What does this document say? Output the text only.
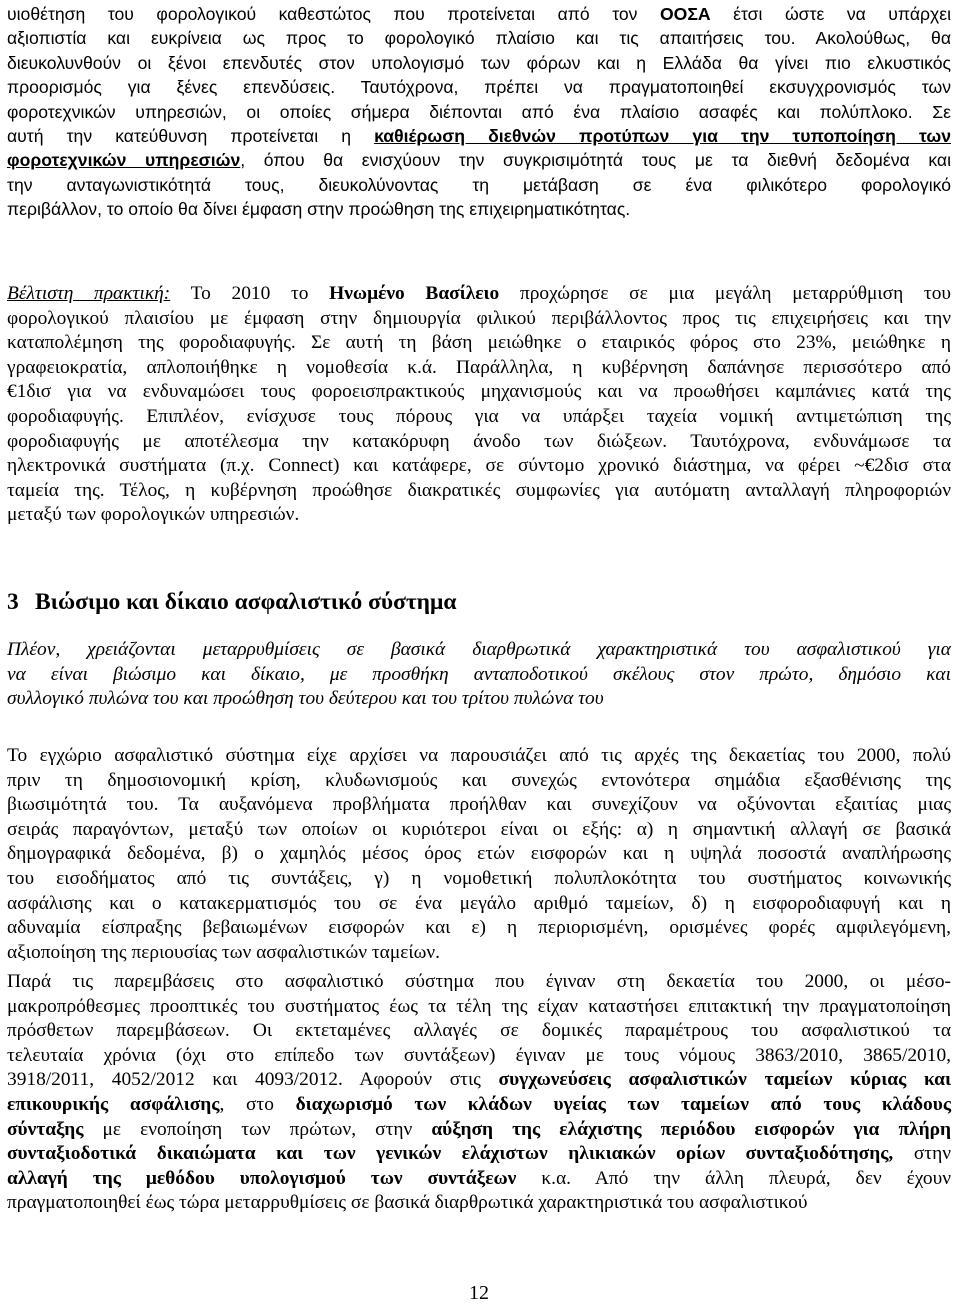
υιοθέτηση του φορολογικού καθεστώτος που προτείνεται από τον ΟΟΣΑ έτσι ώστε να υπάρχει
αξιοπιστία και ευκρίνεια ως προς το φορολογικό πλαίσιο και τις απαιτήσεις του. Ακολούθως, θα
διευκολυνθούν οι ξένοι επενδυτές στον υπολογισμό των φόρων και η Ελλάδα θα γίνει πιο ελκυστικός
προορισμός για ξένες επενδύσεις. Ταυτόχρονα, πρέπει να πραγματοποιηθεί εκσυγχρονισμός των
φοροτεχνικών υπηρεσιών, οι οποίες σήμερα διέπονται από ένα πλαίσιο ασαφές και πολύπλοκο. Σε
αυτή την κατεύθυνση προτείνεται η καθιέρωση διεθνών προτύπων για την τυποποίηση των
φοροτεχνικών υπηρεσιών, όπου θα ενισχύουν την συγκρισιμότητά τους με τα διεθνή δεδομένα και
την ανταγωνιστικότητά τους, διευκολύνοντας τη μετάβαση σε ένα φιλικότερο φορολογικό
περιβάλλον, το οποίο θα δίνει έμφαση στην προώθηση της επιχειρηματικότητας.
Βέλτιστη πρακτική: Το 2010 το Ηνωμένο Βασίλειο προχώρησε σε μια μεγάλη μεταρρύθμιση του
φορολογικού πλαισίου με έμφαση στην δημιουργία φιλικού περιβάλλοντος προς τις επιχειρήσεις και την
καταπολέμηση της φοροδιαφυγής. Σε αυτή τη βάση μειώθηκε ο εταιρικός φόρος στο 23%, μειώθηκε η
γραφειοκρατία, απλοποιήθηκε η νομοθεσία κ.ά. Παράλληλα, η κυβέρνηση δαπάνησε περισσότερο από
€1δισ για να ενδυναμώσει τους φοροεισπρακτικούς μηχανισμούς και να προωθήσει καμπάνιες κατά της
φοροδιαφυγής. Επιπλέον, ενίσχυσε τους πόρους για να υπάρξει ταχεία νομική αντιμετώπιση της
φοροδιαφυγής με αποτέλεσμα την κατακόρυφη άνοδο των διώξεων. Ταυτόχρονα, ενδυνάμωσε τα
ηλεκτρονικά συστήματα (π.χ. Connect) και κατάφερε, σε σύντομο χρονικό διάστημα, να φέρει ~€2δισ στα
ταμεία της. Τέλος, η κυβέρνηση προώθησε διακρατικές συμφωνίες για αυτόματη ανταλλαγή πληροφοριών
μεταξύ των φορολογικών υπηρεσιών.
3 Βιώσιμο και δίκαιο ασφαλιστικό σύστημα
Πλέον, χρειάζονται μεταρρυθμίσεις σε βασικά διαρθρωτικά χαρακτηριστικά του ασφαλιστικού για
να είναι βιώσιμο και δίκαιο, με προσθήκη ανταποδοτικού σκέλους στον πρώτο, δημόσιο και
συλλογικό πυλώνα του και προώθηση του δεύτερου και του τρίτου πυλώνα του
Το εγχώριο ασφαλιστικό σύστημα είχε αρχίσει να παρουσιάζει από τις αρχές της δεκαετίας του 2000, πολύ
πριν τη δημοσιονομική κρίση, κλυδωνισμούς και συνεχώς εντονότερα σημάδια εξασθένισης της
βιωσιμότητά του. Τα αυξανόμενα προβλήματα προήλθαν και συνεχίζουν να οξύνονται εξαιτίας μιας
σειράς παραγόντων, μεταξύ των οποίων οι κυριότεροι είναι οι εξής: α) η σημαντική αλλαγή σε βασικά
δημογραφικά δεδομένα, β) ο χαμηλός μέσος όρος ετών εισφορών και η υψηλά ποσοστά αναπλήρωσης
του εισοδήματος από τις συντάξεις, γ) η νομοθετική πολυπλοκότητα του συστήματος κοινωνικής
ασφάλισης και ο κατακερματισμός του σε ένα μεγάλο αριθμό ταμείων, δ) η εισφοροδιαφυγή και η
αδυναμία είσπραξης βεβαιωμένων εισφορών και ε) η περιορισμένη, ορισμένες φορές αμφιλεγόμενη,
αξιοποίηση της περιουσίας των ασφαλιστικών ταμείων.
Παρά τις παρεμβάσεις στο ασφαλιστικό σύστημα που έγιναν στη δεκαετία του 2000, οι μέσο-
μακροπρόθεσμες προοπτικές του συστήματος έως τα τέλη της είχαν καταστήσει επιτακτική την πραγματοποίηση
πρόσθετων παρεμβάσεων. Οι εκτεταμένες αλλαγές σε δομικές παραμέτρους του ασφαλιστικού τα
τελευταία χρόνια (όχι στο επίπεδο των συντάξεων) έγιναν με τους νόμους 3863/2010, 3865/2010,
3918/2011, 4052/2012 και 4093/2012. Αφορούν στις συγχωνεύσεις ασφαλιστικών ταμείων κύριας και
επικουρικής ασφάλισης, στο διαχωρισμό των κλάδων υγείας των ταμείων από τους κλάδους
σύνταξης με ενοποίηση των πρώτων, στην αύξηση της ελάχιστης περιόδου εισφορών για πλήρη
συνταξιοδοτικά δικαιώματα και των γενικών ελάχιστων ηλικιακών ορίων συνταξιοδότησης, στην
αλλαγή της μεθόδου υπολογισμού των συντάξεων κ.α. Από την άλλη πλευρά, δεν έχουν
πραγματοποιηθεί έως τώρα μεταρρυθμίσεις σε βασικά διαρθρωτικά χαρακτηριστικά του ασφαλιστικού
12
